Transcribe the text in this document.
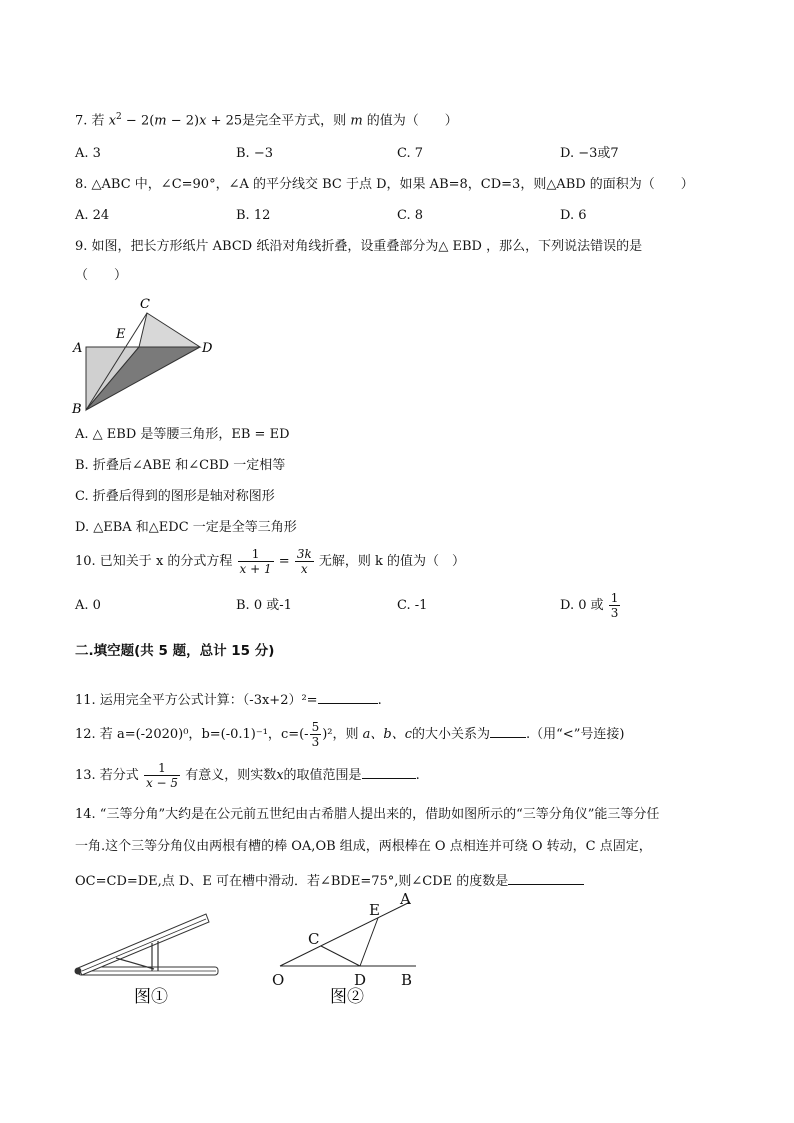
7. 若 $x^2 - 2(m - 2)x + 25$是完全平方式，则 m 的值为（　　）
A. 3	B. −3	C. 7	D. −3或7
8. △ABC 中，∠C=90°，∠A 的平分线交 BC 于点 D，如果 AB=8，CD=3，则△ABD 的面积为（　　）
A. 24	B. 12	C. 8	D. 6
9. 如图，把长方形纸片 ABCD 纸沿对角线折叠，设重叠部分为△ EBD ，那么，下列说法错误的是
（　　）
C
E
A	D
B
A. △ EBD 是等腰三角形，EB = ED
B. 折叠后∠ABE 和∠CBD 一定相等
C. 折叠后得到的图形是轴对称图形
D. △EBA 和△EDC 一定是全等三角形
10. 已知关于 x 的分式方程 $\frac{1}{x + 1} = \frac{3k}{x}$ 无解，则 k 的值为（　）
A. 0	B. 0 或-1	C. -1	D. 0 或 $\frac{1}{3}$
二.填空题(共 5 题，总计 15 分)
11. 运用完全平方公式计算：（-3x+2）²=	.
12. 若 a=(-2020)⁰，b=(-0.1)⁻¹，$c=(- \frac{5}{3} )^2$，则 a、b、c的大小关系为	.（用“<”号连接)
13. 若分式 $\frac{1}{x - 5}$ 有意义，则实数x的取值范围是	.
14. “三等分角”大约是在公元前五世纪由古希腊人提出来的，借助如图所示的“三等分角仪”能三等分任
一角.这个三等分角仪由两根有槽的棒 OA,OB 组成，两根棒在 O 点相连并可绕 O 转动，C 点固定，
OC=CD=DE,点 D、E 可在槽中滑动．若∠BDE=75°,则∠CDE 的度数是
图①
O	B
D
C
E
A
图②
